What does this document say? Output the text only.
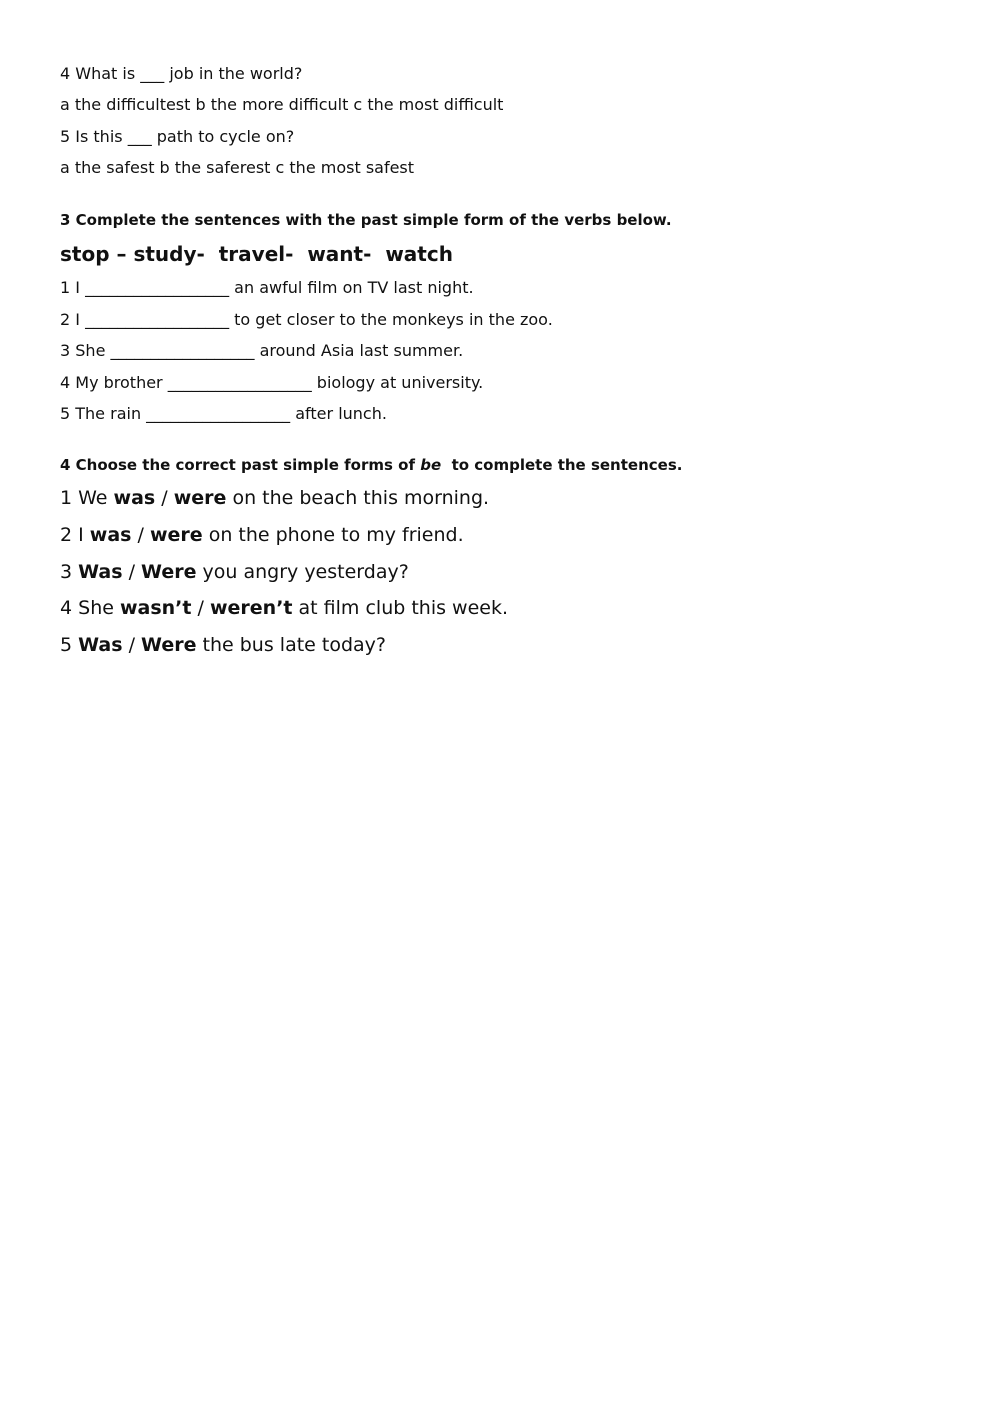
4 What is ___ job in the world?
a the difficultest b the more difficult c the most difficult
5 Is this ___ path to cycle on?
a the safest b the saferest c the most safest
3 Complete the sentences with the past simple form of the verbs below.
stop – study-  travel-  want-  watch
1 I __________________ an awful film on TV last night.
2 I __________________ to get closer to the monkeys in the zoo.
3 She __________________ around Asia last summer.
4 My brother __________________ biology at university.
5 The rain __________________ after lunch.
4 Choose the correct past simple forms of be  to complete the sentences.
1 We was / were on the beach this morning.
2 I was / were on the phone to my friend.
3 Was / Were you angry yesterday?
4 She wasn’t / weren’t at film club this week.
5 Was / Were the bus late today?
